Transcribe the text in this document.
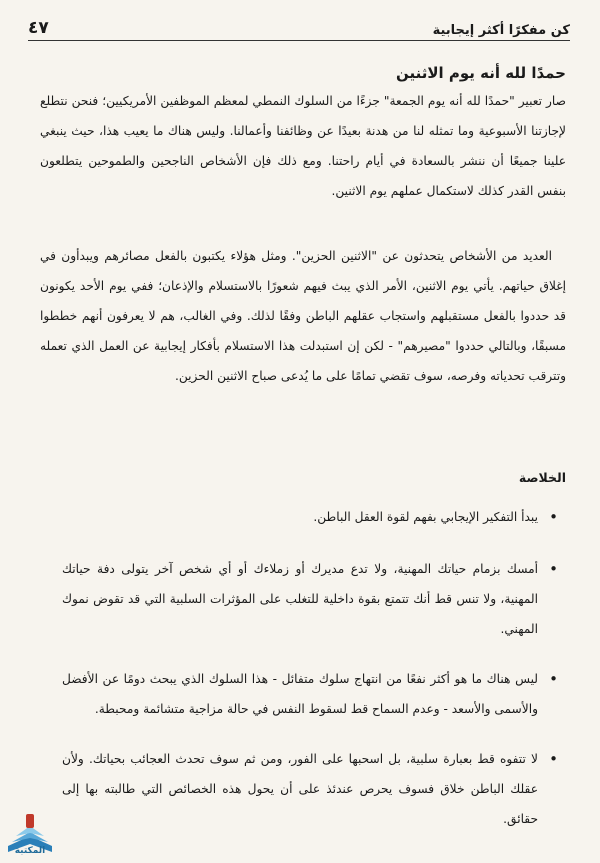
كن مفكرًا أكثر إيجابية
٤٧
حمدًا لله أنه يوم الاثنين

صار تعبير "حمدًا لله أنه يوم الجمعة" جزءًا من السلوك النمطي لمعظم الموظفين الأمريكيين؛ فنحن نتطلع لإجازتنا الأسبوعية وما تمثله لنا من هدنة بعيدًا عن وظائفنا وأعمالنا. وليس هناك ما يعيب هذا، حيث ينبغي علينا جميعًا أن ننشر بالسعادة في أيام راحتنا. ومع ذلك فإن الأشخاص الناجحين والطموحين يتطلعون بنفس القدر كذلك لاستكمال عملهم يوم الاثنين.

العديد من الأشخاص يتحدثون عن "الاثنين الحزين". ومثل هؤلاء يكتبون بالفعل مصائرهم ويبدأون في إغلاق حياتهم. يأتي يوم الاثنين، الأمر الذي يبث فيهم شعورًا بالاستسلام والإذعان؛ ففي يوم الأحد يكونون قد حددوا بالفعل مستقبلهم واستجاب عقلهم الباطن وفقًا لذلك. وفي الغالب، هم لا يعرفون أنهم خططوا مسبقًا، وبالتالي حددوا "مصيرهم" - لكن إن استبدلت هذا الاستسلام بأفكار إيجابية عن العمل الذي تعمله وتترقب تحدياته وفرصه، سوف تقضي تمامًا على ما يُدعى صباح الاثنين الحزين.

الخلاصة
• يبدأ التفكير الإيجابي بفهم لقوة العقل الباطن.
• أمسك بزمام حياتك المهنية، ولا تدع مديرك أو زملاءك أو أي شخص آخر يتولى دفة حياتك المهنية، ولا تنس قط أنك تتمتع بقوة داخلية للتغلب على المؤثرات السلبية التي قد تقوض نموك المهني.
• ليس هناك ما هو أكثر نفعًا من انتهاج سلوك متفائل - هذا السلوك الذي يبحث دومًا عن الأفضل والأسمى والأسعد - وعدم السماح قط لسقوط النفس في حالة مزاجية متشائمة ومحبطة.
• لا تتفوه قط بعبارة سلبية، بل اسحبها على الفور، ومن ثم سوف تحدث العجائب بحياتك. ولأن عقلك الباطن خلاق فسوف يحرص عندئذ على أن يحول هذه الخصائص التي طالبته بها إلى حقائق.
المكتبة
